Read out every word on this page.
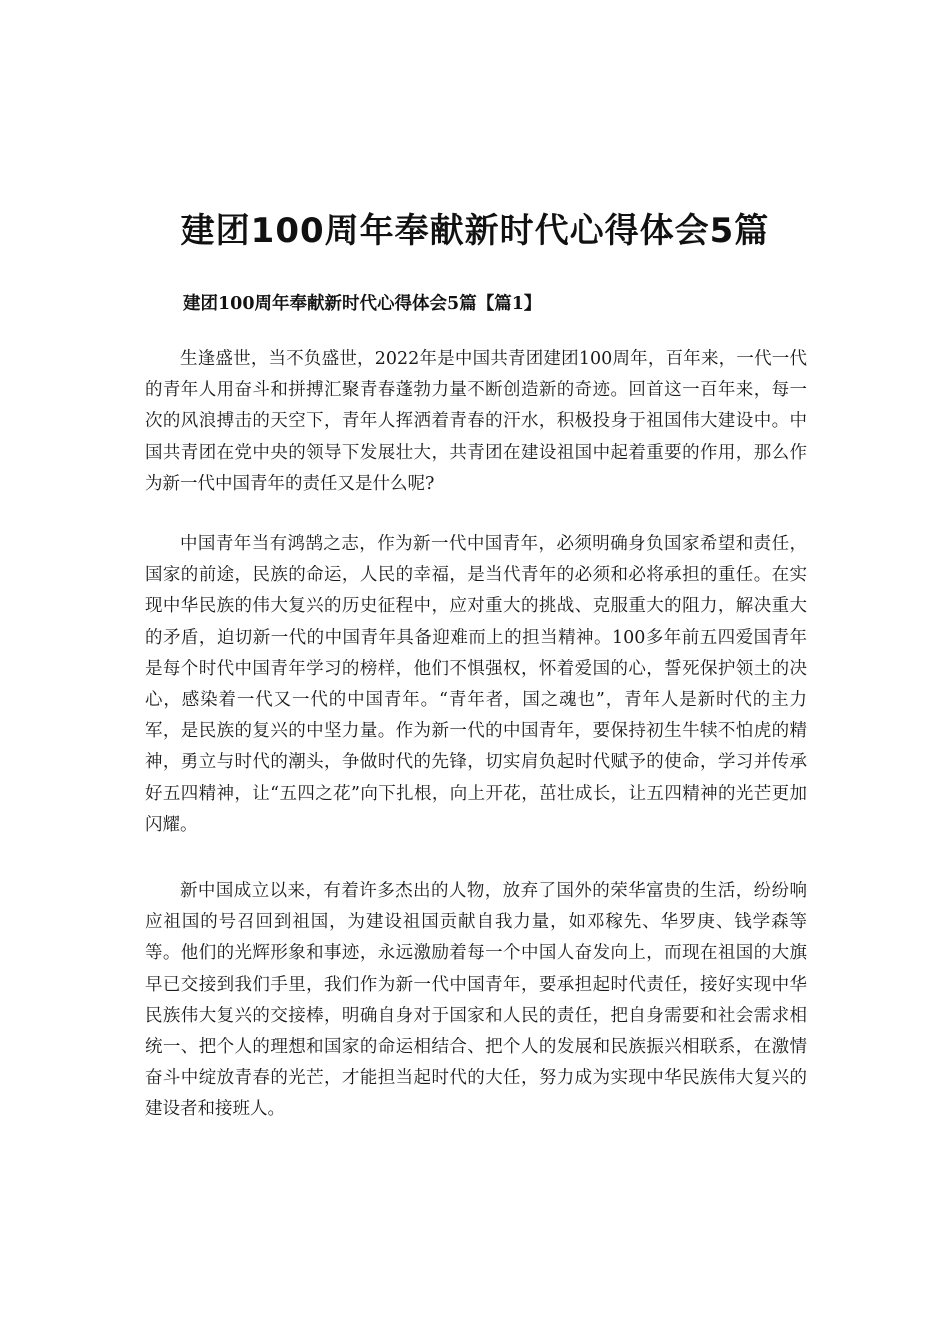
建团100周年奉献新时代心得体会5篇
建团100周年奉献新时代心得体会5篇【篇1】

生逢盛世，当不负盛世，2022年是中国共青团建团100周年，百年来，一代一代的青年人用奋斗和拼搏汇聚青春蓬勃力量不断创造新的奇迹。回首这一百年来，每一次的风浪搏击的天空下，青年人挥洒着青春的汗水，积极投身于祖国伟大建设中。中国共青团在党中央的领导下发展壮大，共青团在建设祖国中起着重要的作用，那么作为新一代中国青年的责任又是什么呢?

中国青年当有鸿鹄之志，作为新一代中国青年，必须明确身负国家希望和责任，国家的前途，民族的命运，人民的幸福，是当代青年的必须和必将承担的重任。在实现中华民族的伟大复兴的历史征程中，应对重大的挑战、克服重大的阻力，解决重大的矛盾，迫切新一代的中国青年具备迎难而上的担当精神。100多年前五四爱国青年是每个时代中国青年学习的榜样，他们不惧强权，怀着爱国的心，誓死保护领土的决心，感染着一代又一代的中国青年。“青年者，国之魂也”，青年人是新时代的主力军，是民族的复兴的中坚力量。作为新一代的中国青年，要保持初生牛犊不怕虎的精神，勇立与时代的潮头，争做时代的先锋，切实肩负起时代赋予的使命，学习并传承好五四精神，让“五四之花”向下扎根，向上开花，茁壮成长，让五四精神的光芒更加闪耀。

新中国成立以来，有着许多杰出的人物，放弃了国外的荣华富贵的生活，纷纷响应祖国的号召回到祖国，为建设祖国贡献自我力量，如邓稼先、华罗庚、钱学森等等。他们的光辉形象和事迹，永远激励着每一个中国人奋发向上，而现在祖国的大旗早已交接到我们手里，我们作为新一代中国青年，要承担起时代责任，接好实现中华民族伟大复兴的交接棒，明确自身对于国家和人民的责任，把自身需要和社会需求相统一、把个人的理想和国家的命运相结合、把个人的发展和民族振兴相联系，在激情奋斗中绽放青春的光芒，才能担当起时代的大任，努力成为实现中华民族伟大复兴的建设者和接班人。
